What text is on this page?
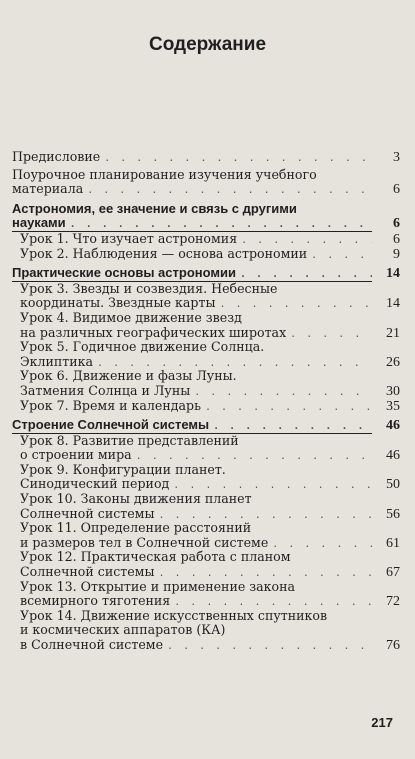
Содержание
Предисловие . . .	3
Поурочное планирование изучения учебного
материала . . .	6
Астрономия, ее значение и связь с другими
науками . . .	6
Урок 1. Что изучает астрономия . . .	6
Урок 2. Наблюдения — основа астрономии . . .	9
Практические основы астрономии . . .	14
Урок 3. Звезды и созвездия. Небесные
координаты. Звездные карты . . .	14
Урок 4. Видимое движение звезд
на различных географических широтах . . .	21
Урок 5. Годичное движение Солнца.
Эклиптика . . .	26
Урок 6. Движение и фазы Луны.
Затмения Солнца и Луны . . .	30
Урок 7. Время и календарь . . .	35
Строение Солнечной системы . . .	46
Урок 8. Развитие представлений
о строении мира . . .	46
Урок 9. Конфигурации планет.
Синодический период . . .	50
Урок 10. Законы движения планет
Солнечной системы . . .	56
Урок 11. Определение расстояний
и размеров тел в Солнечной системе . . .	61
Урок 12. Практическая работа с планом
Солнечной системы . . .	67
Урок 13. Открытие и применение закона
всемирного тяготения . . .	72
Урок 14. Движение искусственных спутников
и космических аппаратов (КА)
в Солнечной системе . . .	76
217
